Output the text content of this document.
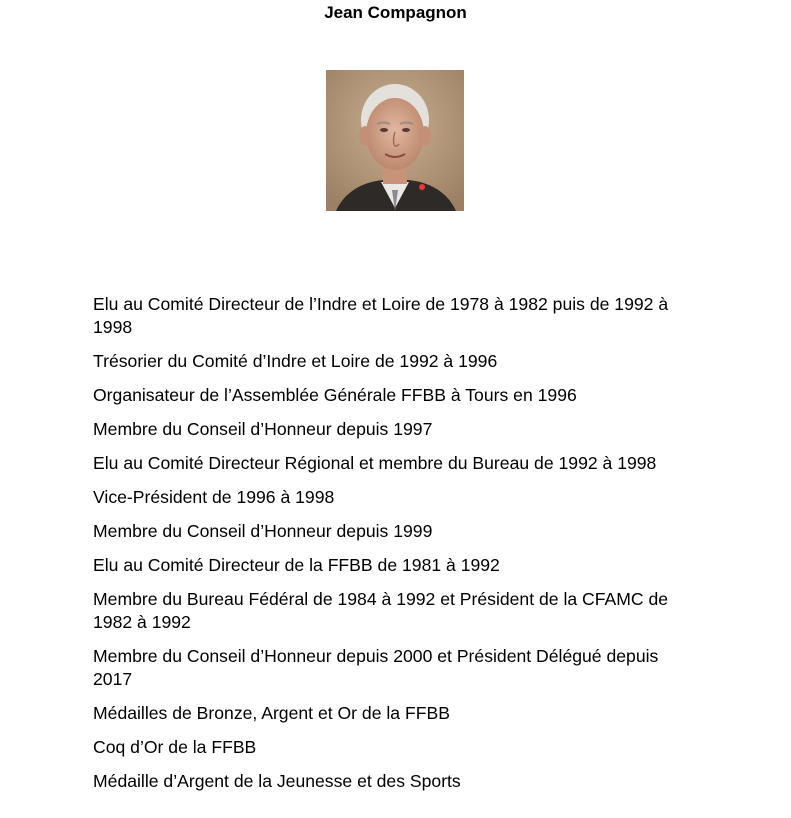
Jean Compagnon
Elu au Comité Directeur de l’Indre et Loire de 1978 à 1982 puis de 1992 à 1998
Trésorier du Comité d’Indre et Loire de 1992 à 1996
Organisateur de l’Assemblée Générale FFBB à Tours en 1996
Membre du Conseil d’Honneur depuis 1997
Elu au Comité Directeur Régional et membre du Bureau de 1992 à 1998
Vice-Président de 1996 à 1998
Membre du Conseil d’Honneur depuis 1999
Elu au Comité Directeur de la FFBB de 1981 à 1992
Membre du Bureau Fédéral de 1984 à 1992 et Président de la CFAMC de 1982 à 1992
Membre du Conseil d’Honneur depuis 2000 et Président Délégué depuis 2017
Médailles de Bronze, Argent et Or de la FFBB
Coq d’Or de la FFBB
Médaille d’Argent de la Jeunesse et des Sports
